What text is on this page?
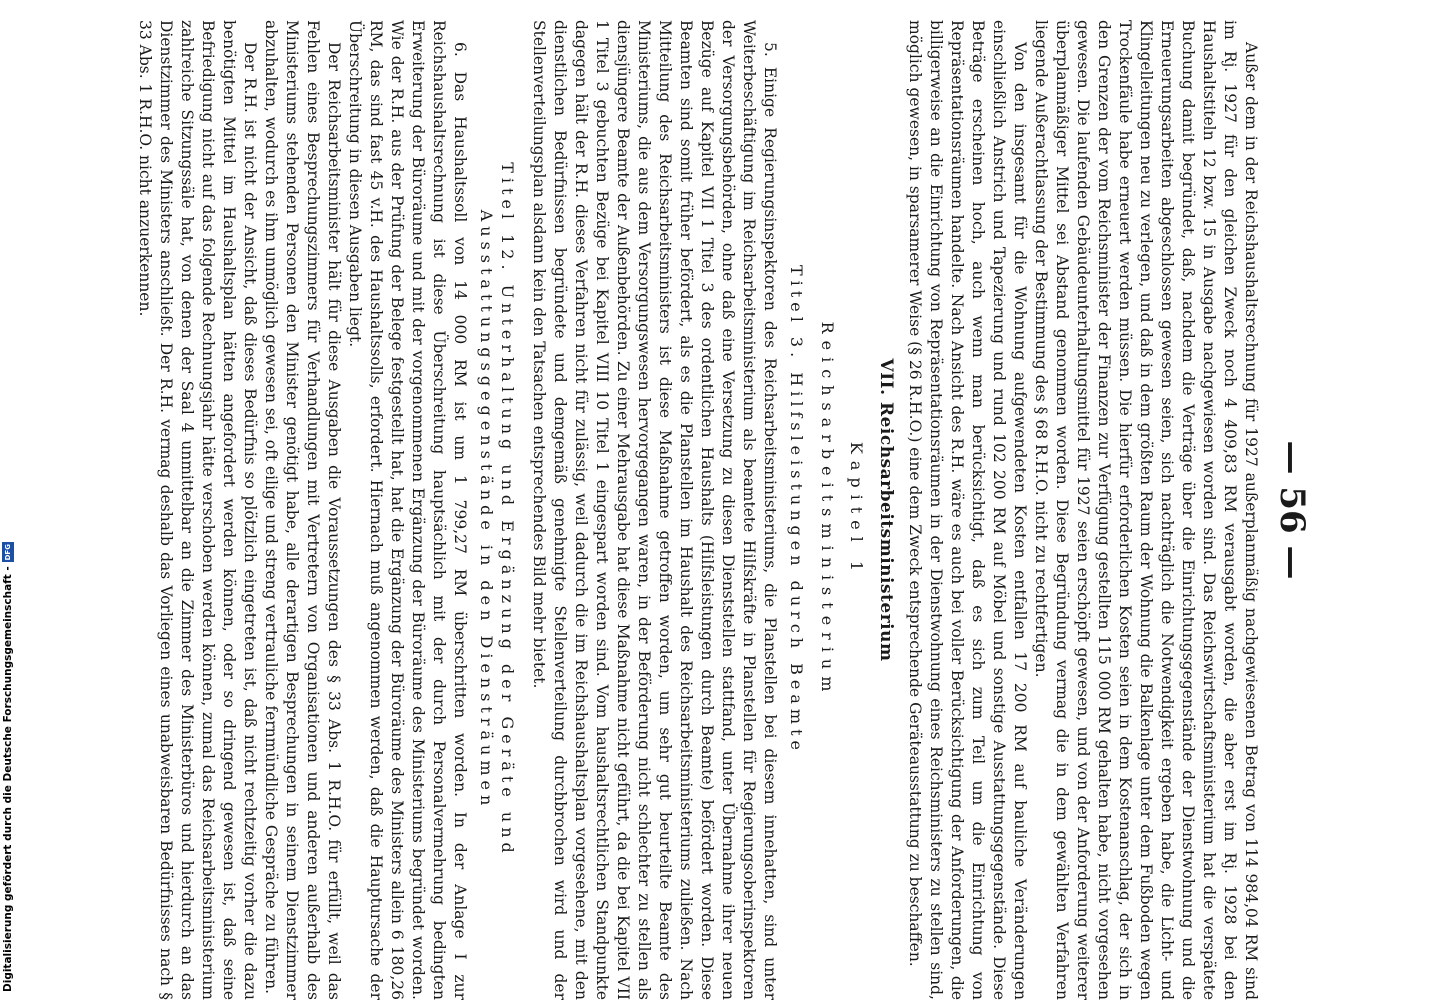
— 56 —

Außer dem in der Reichshaushaltsrechnung für 1927 außerplanmäßig nachgewiesenen Betrag von 114 984,04 RM sind im Rj. 1927 für den gleichen Zweck noch 4 409,83 RM verausgabt worden, die aber erst im Rj. 1928 bei den Haushaltstiteln 12 bzw. 15 in Ausgabe nachgewiesen worden sind. Das Reichswirtschaftsministerium hat die verspätete Buchung damit begründet, daß, nachdem die Verträge über die Einrichtungsgegenstände der Dienstwohnung und die Erneuerungsarbeiten abgeschlossen gewesen seien, sich nachträglich die Notwendigkeit ergeben habe, die Licht- und Klingelleitungen neu zu verlegen, und daß in dem größten Raum der Wohnung die Balkenlage unter dem Fußboden wegen Trockenfäule habe erneuert werden müssen. Die hierfür erforderlichen Kosten seien in dem Kostenanschlag, der sich in den Grenzen der vom Reichsminister der Finanzen zur Verfügung gestellten 115 000 RM gehalten habe, nicht vorgesehen gewesen. Die laufenden Gebäudeunterhaltungsmittel für 1927 seien erschöpft gewesen, und von der Anforderung weiterer überplanmäßiger Mittel sei Abstand genommen worden. Diese Begründung vermag die in dem gewählten Verfahren liegende Außerachtlassung der Bestimmung des § 68 R.H.O. nicht zu rechtfertigen.

Von den insgesamt für die Wohnung aufgewendeten Kosten entfallen 17 200 RM auf bauliche Veränderungen einschließlich Anstrich und Tapezierung und rund 102 200 RM auf Möbel und sonstige Ausstattungsgegenstände. Diese Beträge erscheinen hoch, auch wenn man berücksichtigt, daß es sich zum Teil um die Einrichtung von Repräsentationsräumen handelte. Nach Ansicht des R.H. wäre es auch bei voller Berücksichtigung der Anforderungen, die billigerweise an die Einrichtung von Repräsentationsräumen in der Dienstwohnung eines Reichsministers zu stellen sind, möglich gewesen, in sparsamerer Weise (§ 26 R.H.O.) eine dem Zweck entsprechende Geräteausstattung zu beschaffen.

VII. Reichsarbeitsministerium
Kapitel 1
Reichsarbeitsministerium
Titel 3. Hilfsleistungen durch Beamte

5. Einige Regierungsinspektoren des Reichsarbeitsministeriums, die Planstellen bei diesem innehatten, sind unter Weiterbeschäftigung im Reichsarbeitsministerium als beamtete Hilfskräfte in Planstellen für Regierungsoberinspektoren der Versorgungsbehörden, ohne daß eine Versetzung zu diesen Dienststellen stattfand, unter Übernahme ihrer neuen Bezüge auf Kapitel VII 1 Titel 3 des ordentlichen Haushalts (Hilfsleistungen durch Beamte) befördert worden. Diese Beamten sind somit früher befördert, als es die Planstellen im Haushalt des Reichsarbeitsministeriums zuließen. Nach Mitteilung des Reichsarbeitsministers ist diese Maßnahme getroffen worden, um sehr gut beurteilte Beamte des Ministeriums, die aus dem Versorgungswesen hervorgegangen waren, in der Beförderung nicht schlechter zu stellen als diensjüngere Beamte der Außenbehörden. Zu einer Mehrausgabe hat diese Maßnahme nicht geführt, da die bei Kapitel VII 1 Titel 3 gebuchten Bezüge bei Kapitel VIII 10 Titel 1 eingespart worden sind. Vom haushaltsrechtlichen Standpunkte dagegen hält der R.H. dieses Verfahren nicht für zulässig, weil dadurch die im Reichshaushaltsplan vorgesehene, mit den dienstlichen Bedürfnissen begründete und demgemäß genehmigte Stellenverteilung durchbrochen wird und der Stellenverteilungsplan alsdann kein den Tatsachen entsprechendes Bild mehr bietet.

Titel 12. Unterhaltung und Ergänzung der Geräte und
Ausstattungsgegenstände in den Diensträumen

6. Das Haushaltssoll von 14 000 RM ist um 1 799,27 RM überschritten worden. In der Anlage I zur Reichshaushaltsrechnung ist diese Überschreitung hauptsächlich mit der durch Personalvermehrung bedingten Erweiterung der Büroräume und mit der vorgenommenen Ergänzung der Büroräume des Ministeriums begründet worden. Wie der R.H. aus der Prüfung der Belege festgestellt hat, hat die Ergänzung der Büroräume des Ministers allein 6 180,26 RM, das sind fast 45 v.H. des Haushaltssolls, erfordert. Hiernach muß angenommen werden, daß die Hauptursache der Überschreitung in diesen Ausgaben liegt.

Der Reichsarbeitsminister hält für diese Ausgaben die Voraussetzungen des § 33 Abs. 1 R.H.O. für erfüllt, weil das Fehlen eines Besprechungszimmers für Verhandlungen mit Vertretern von Organisationen und anderen außerhalb des Ministeriums stehenden Personen den Minister genötigt habe, alle derartigen Besprechungen in seinem Dienstzimmer abzuhalten, wodurch es ihm unmöglich gewesen sei, oft eilige und streng vertrauliche fernmündliche Gespräche zu führen.

Der R.H. ist nicht der Ansicht, daß dieses Bedürfnis so plötzlich eingetreten ist, daß nicht rechtzeitig vorher die dazu benötigten Mittel im Haushaltsplan hätten angefordert werden können, oder so dringend gewesen ist, daß seine Befriedigung nicht auf das folgende Rechnungsjahr hätte verschoben werden können, zumal das Reichsarbeitsministerium zahlreiche Sitzungssäle hat, von denen der Saal 4 unmittelbar an die Zimmer des Ministerbüros und hierdurch an das Dienstzimmer des Ministers anschließt. Der R.H. vermag deshalb das Vorliegen eines unabweisbaren Bedürfnisses nach § 33 Abs. 1 R.H.O. nicht anzuerkennen.

Digitalisierung gefördert durch die Deutsche Forschungsgemeinschaft -
DFG
